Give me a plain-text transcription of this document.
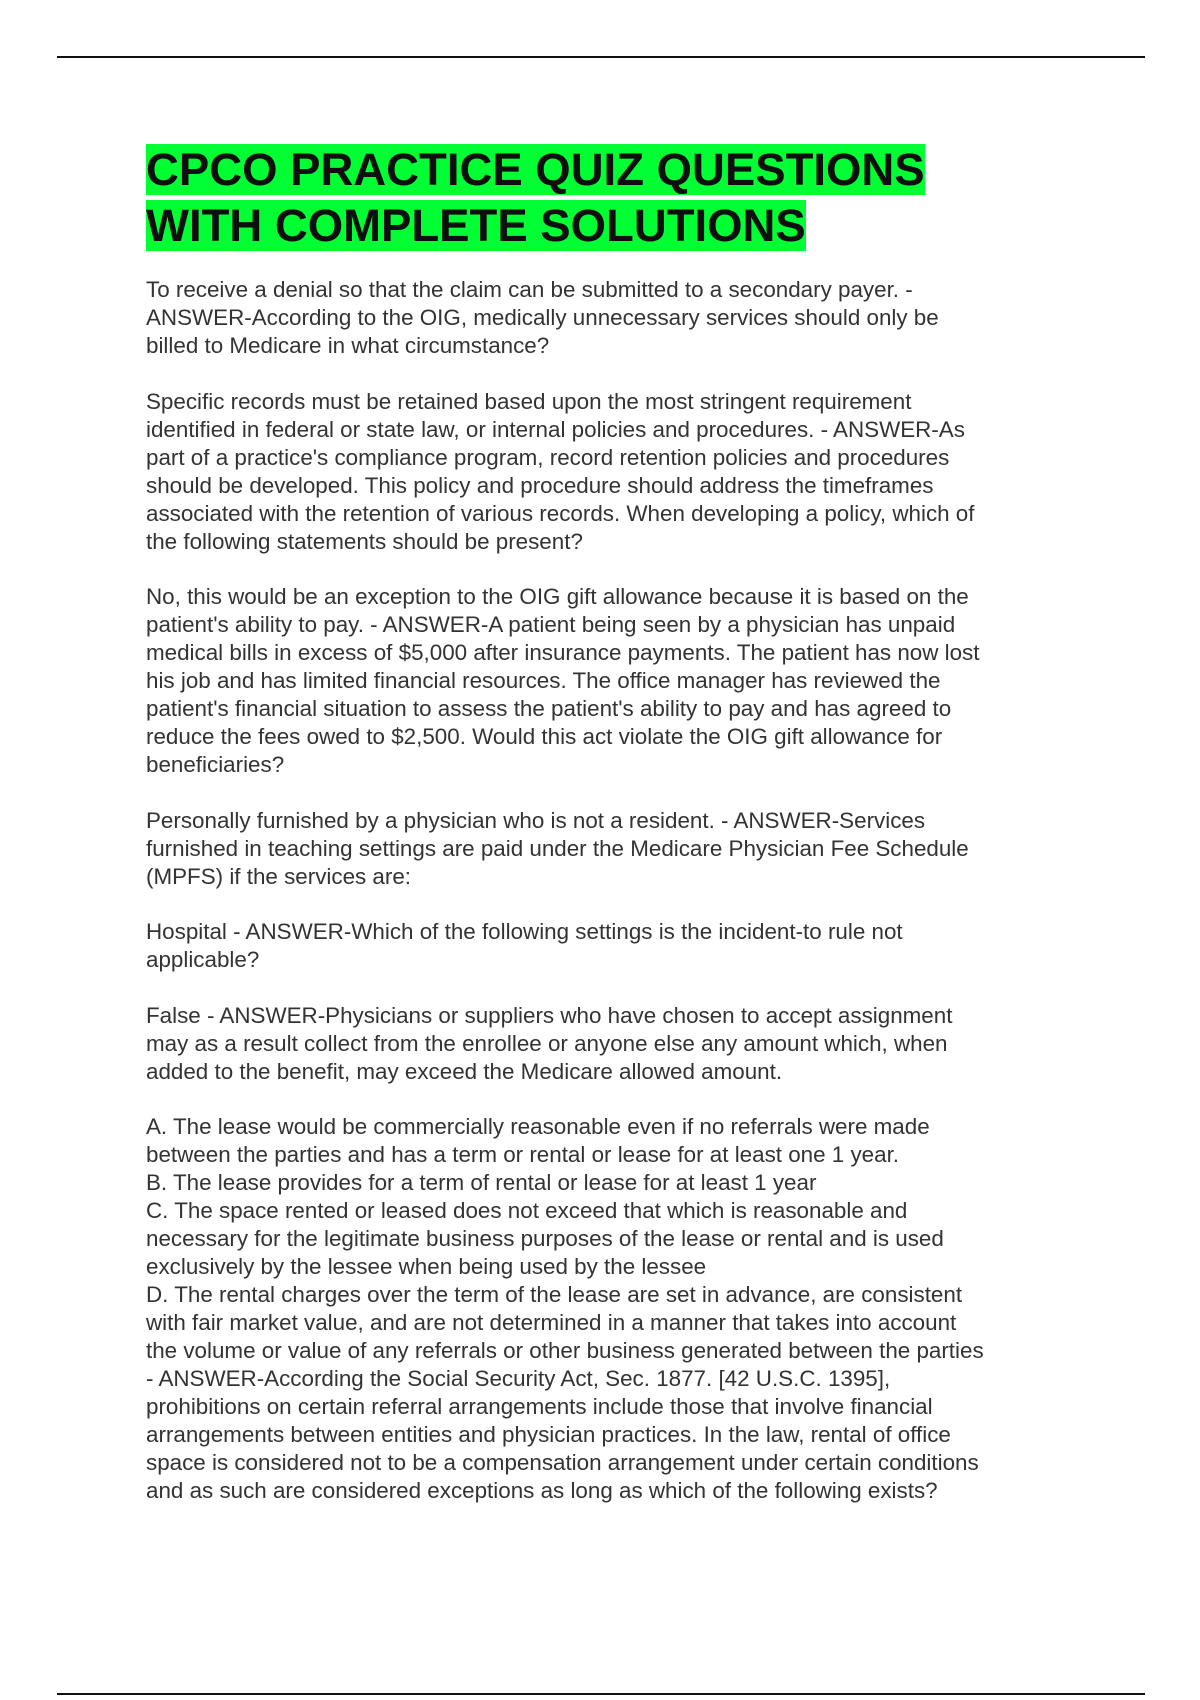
CPCO PRACTICE QUIZ QUESTIONS
WITH COMPLETE SOLUTIONS

To receive a denial so that the claim can be submitted to a secondary payer. -
ANSWER-According to the OIG, medically unnecessary services should only be
billed to Medicare in what circumstance?

Specific records must be retained based upon the most stringent requirement
identified in federal or state law, or internal policies and procedures. - ANSWER-As
part of a practice's compliance program, record retention policies and procedures
should be developed. This policy and procedure should address the timeframes
associated with the retention of various records. When developing a policy, which of
the following statements should be present?

No, this would be an exception to the OIG gift allowance because it is based on the
patient's ability to pay. - ANSWER-A patient being seen by a physician has unpaid
medical bills in excess of $5,000 after insurance payments. The patient has now lost
his job and has limited financial resources. The office manager has reviewed the
patient's financial situation to assess the patient's ability to pay and has agreed to
reduce the fees owed to $2,500. Would this act violate the OIG gift allowance for
beneficiaries?

Personally furnished by a physician who is not a resident. - ANSWER-Services
furnished in teaching settings are paid under the Medicare Physician Fee Schedule
(MPFS) if the services are:

Hospital - ANSWER-Which of the following settings is the incident-to rule not
applicable?

False - ANSWER-Physicians or suppliers who have chosen to accept assignment
may as a result collect from the enrollee or anyone else any amount which, when
added to the benefit, may exceed the Medicare allowed amount.

A. The lease would be commercially reasonable even if no referrals were made
between the parties and has a term or rental or lease for at least one 1 year.
B. The lease provides for a term of rental or lease for at least 1 year
C. The space rented or leased does not exceed that which is reasonable and
necessary for the legitimate business purposes of the lease or rental and is used
exclusively by the lessee when being used by the lessee
D. The rental charges over the term of the lease are set in advance, are consistent
with fair market value, and are not determined in a manner that takes into account
the volume or value of any referrals or other business generated between the parties
- ANSWER-According the Social Security Act, Sec. 1877. [42 U.S.C. 1395],
prohibitions on certain referral arrangements include those that involve financial
arrangements between entities and physician practices. In the law, rental of office
space is considered not to be a compensation arrangement under certain conditions
and as such are considered exceptions as long as which of the following exists?
